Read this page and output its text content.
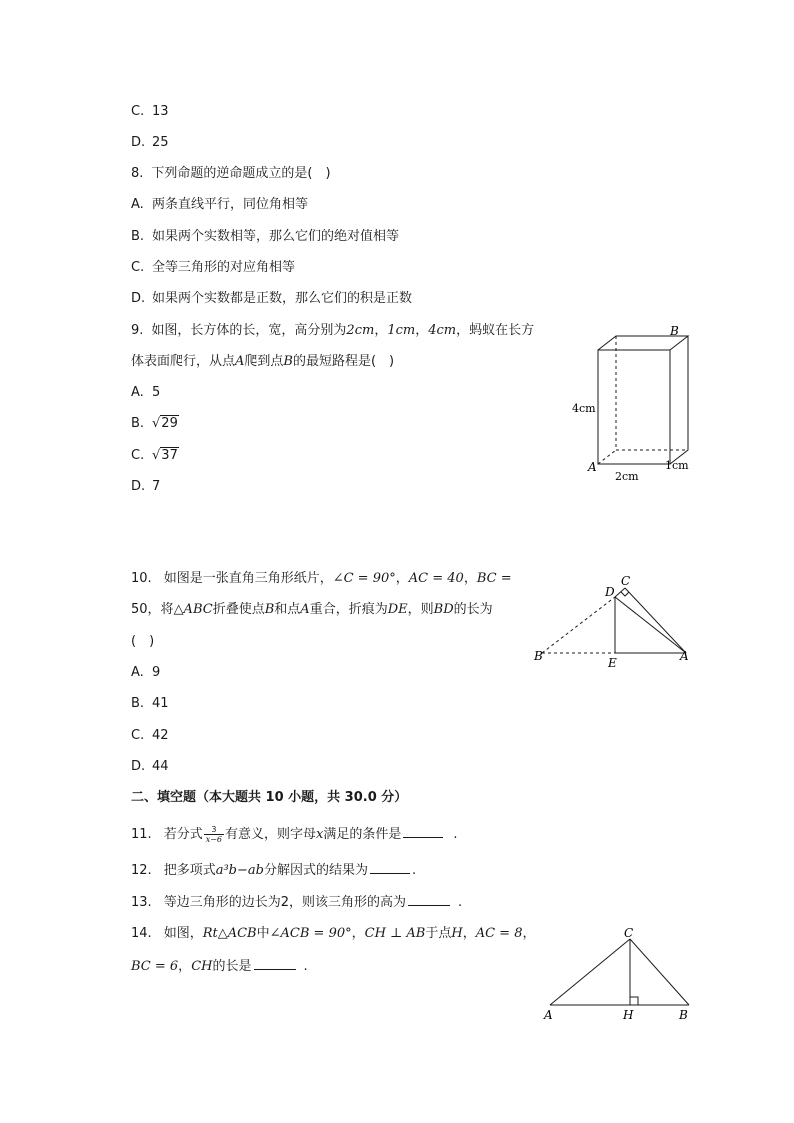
C. 13
D. 25
8. 下列命题的逆命题成立的是(  )
A. 两条直线平行，同位角相等
B. 如果两个实数相等，那么它们的绝对值相等
C. 全等三角形的对应角相等
D. 如果两个实数都是正数，那么它们的积是正数
9. 如图，长方体的长，宽，高分别为2cm，1cm，4cm，蚂蚁在长方
体表面爬行，从点A爬到点B的最短路程是(  )
A. 5
B. √29
C. √37
D. 7
B
A
4cm
2cm
1cm
10. 如图是一张直角三角形纸片，∠C = 90°，AC = 40，BC =
50，将△ABC折叠使点B和点A重合，折痕为DE，则BD的长为
(  )
A. 9
B. 41
C. 42
D. 44
C
D
B	E	A
二、填空题（本大题共 10 小题，共 30.0 分）
11. 若分式 $\frac{3}{x-6}$ 有意义，则字母x满足的条件是	.
12. 把多项式a³b−ab分解因式的结果为	.
13. 等边三角形的边长为2，则该三角形的高为	.
14. 如图，Rt△ACB中∠ACB = 90°，CH ⊥ AB于点H，AC = 8，
BC = 6，CH的长是	.
C
A	H	B
